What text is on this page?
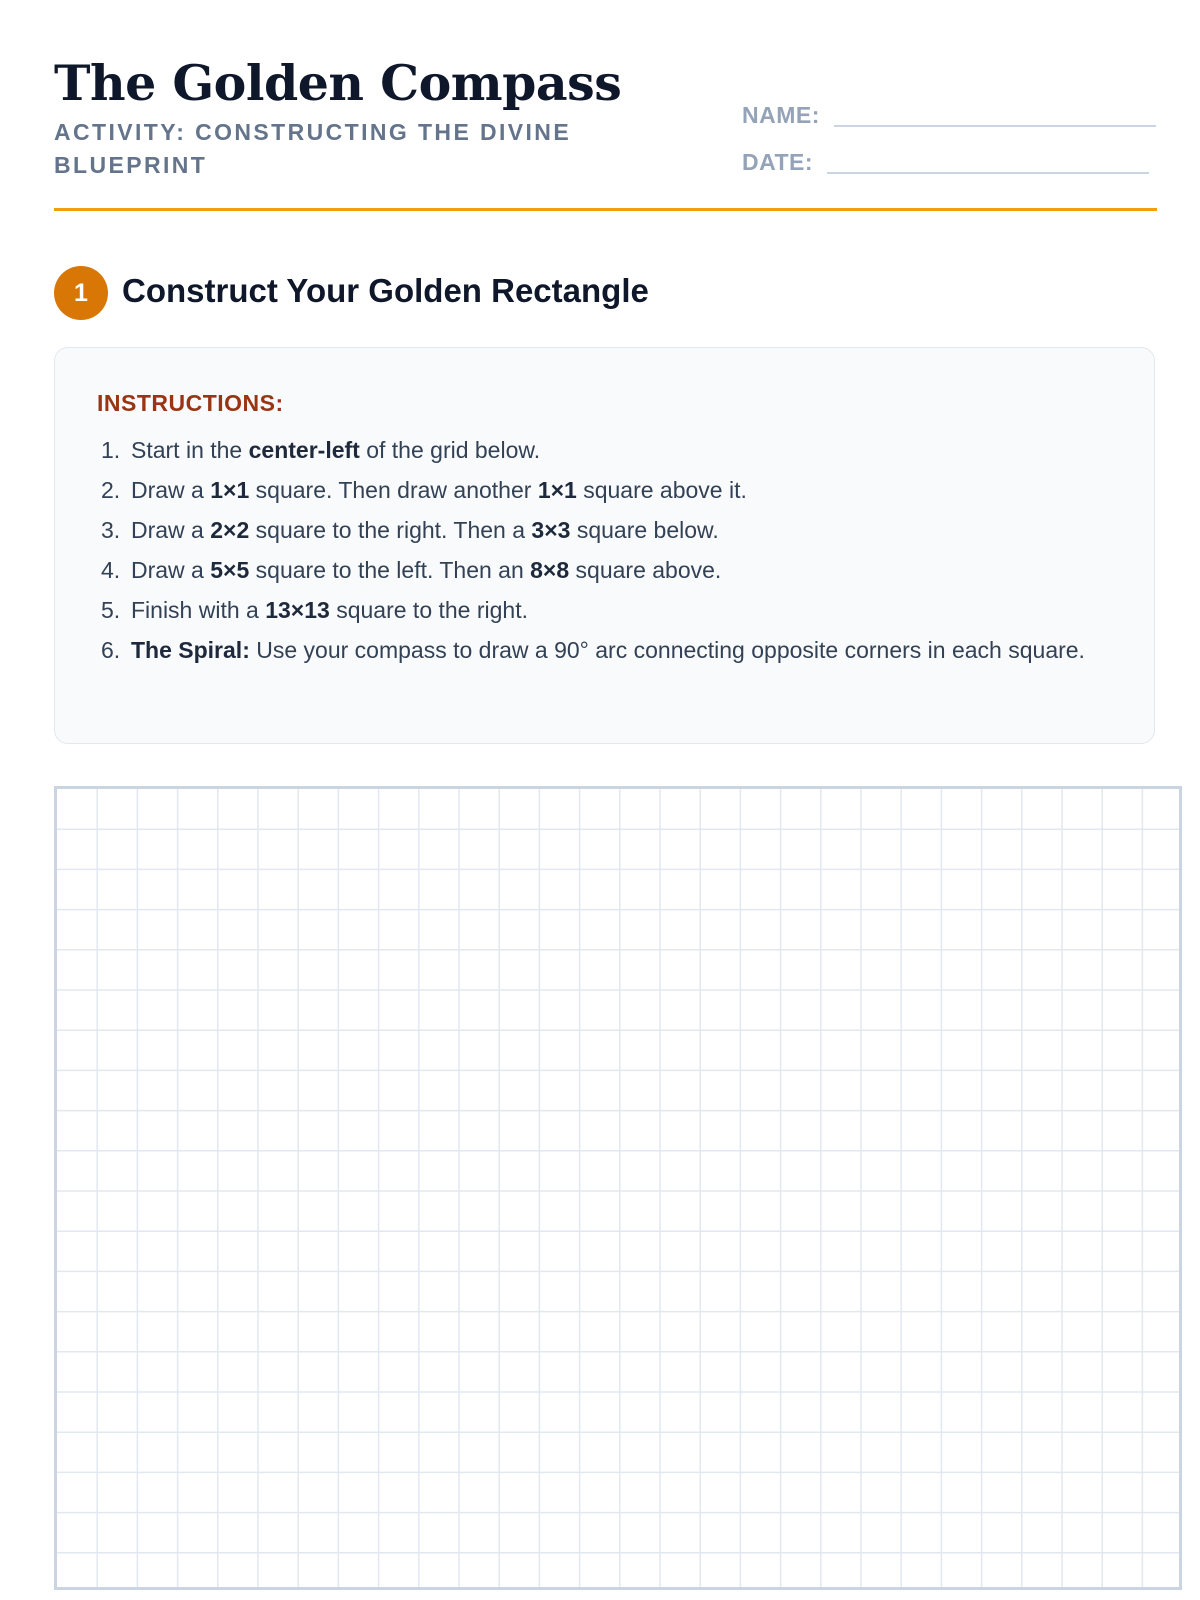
The Golden Compass

ACTIVITY: CONSTRUCTING THE DIVINE BLUEPRINT

NAME:
DATE:
1	Construct Your Golden Rectangle
INSTRUCTIONS:
1. Start in the center-left of the grid below.
2. Draw a 1×1 square. Then draw another 1×1 square above it.
3. Draw a 2×2 square to the right. Then a 3×3 square below.
4. Draw a 5×5 square to the left. Then an 8×8 square above.
5. Finish with a 13×13 square to the right.
6. The Spiral: Use your compass to draw a 90° arc connecting opposite corners in each square.
